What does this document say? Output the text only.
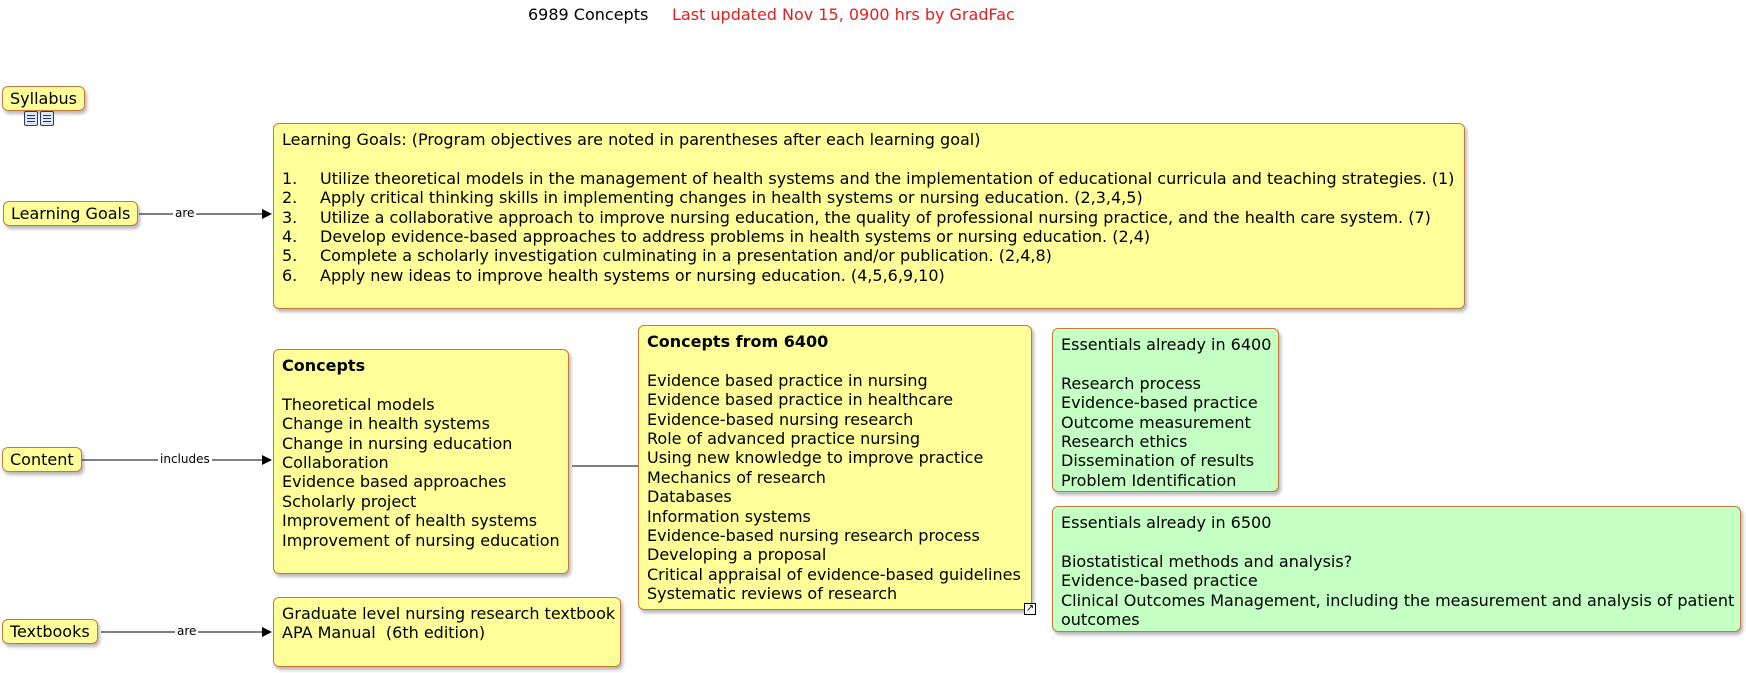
6989 Concepts Last updated Nov 15, 0900 hrs by GradFac
are
includes
are
Syllabus
Learning Goals
Content
Textbooks
Learning Goals: (Program objectives are noted in parentheses after each learning goal)
1. Utilize theoretical models in the management of health systems and the implementation of educational curricula and teaching strategies. (1)
2. Apply critical thinking skills in implementing changes in health systems or nursing education. (2,3,4,5)
3. Utilize a collaborative approach to improve nursing education, the quality of professional nursing practice, and the health care system. (7)
4. Develop evidence-based approaches to address problems in health systems or nursing education. (2,4)
5. Complete a scholarly investigation culminating in a presentation and/or publication. (2,4,8)
6. Apply new ideas to improve health systems or nursing education. (4,5,6,9,10)
Concepts
Theoretical models
Change in health systems
Change in nursing education
Collaboration
Evidence based approaches
Scholarly project
Improvement of health systems
Improvement of nursing education
Concepts from 6400
Evidence based practice in nursing
Evidence based practice in healthcare
Evidence-based nursing research
Role of advanced practice nursing
Using new knowledge to improve practice
Mechanics of research
Databases
Information systems
Evidence-based nursing research process
Developing a proposal
Critical appraisal of evidence-based guidelines
Systematic reviews of research
↗
Essentials already in 6400
Research process
Evidence-based practice
Outcome measurement
Research ethics
Dissemination of results
Problem Identification
Essentials already in 6500
Biostatistical methods and analysis?
Evidence-based practice
Clinical Outcomes Management, including the measurement and analysis of patient
outcomes
Graduate level nursing research textbook
APA Manual  (6th edition)
